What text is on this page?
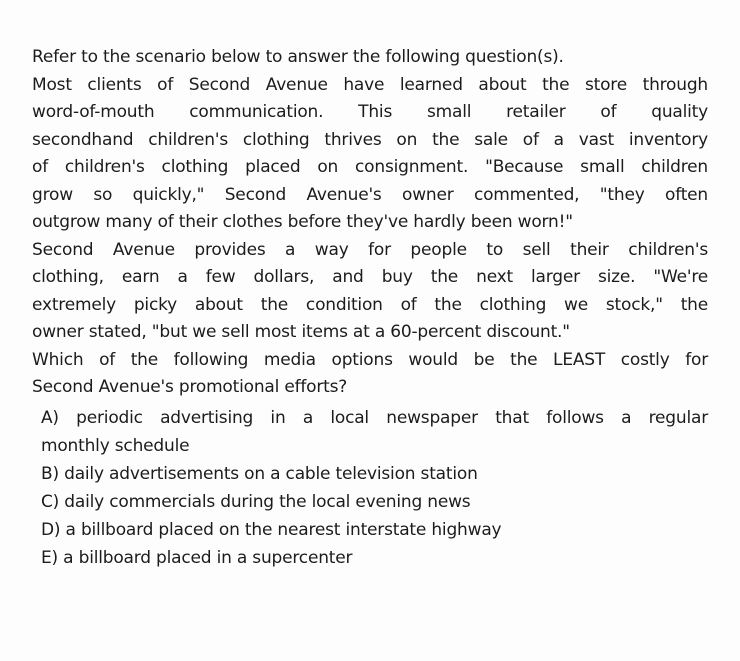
Refer to the scenario below to answer the following question(s).
Most clients of Second Avenue have learned about the store through
word-of-mouth communication. This small retailer of quality
secondhand children's clothing thrives on the sale of a vast inventory
of children's clothing placed on consignment. "Because small children
grow so quickly," Second Avenue's owner commented, "they often
outgrow many of their clothes before they've hardly been worn!"
Second Avenue provides a way for people to sell their children's
clothing, earn a few dollars, and buy the next larger size. "We're
extremely picky about the condition of the clothing we stock," the
owner stated, "but we sell most items at a 60-percent discount."
Which of the following media options would be the LEAST costly for
Second Avenue's promotional efforts?
A) periodic advertising in a local newspaper that follows a regular
monthly schedule
B) daily advertisements on a cable television station
C) daily commercials during the local evening news
D) a billboard placed on the nearest interstate highway
E) a billboard placed in a supercenter
